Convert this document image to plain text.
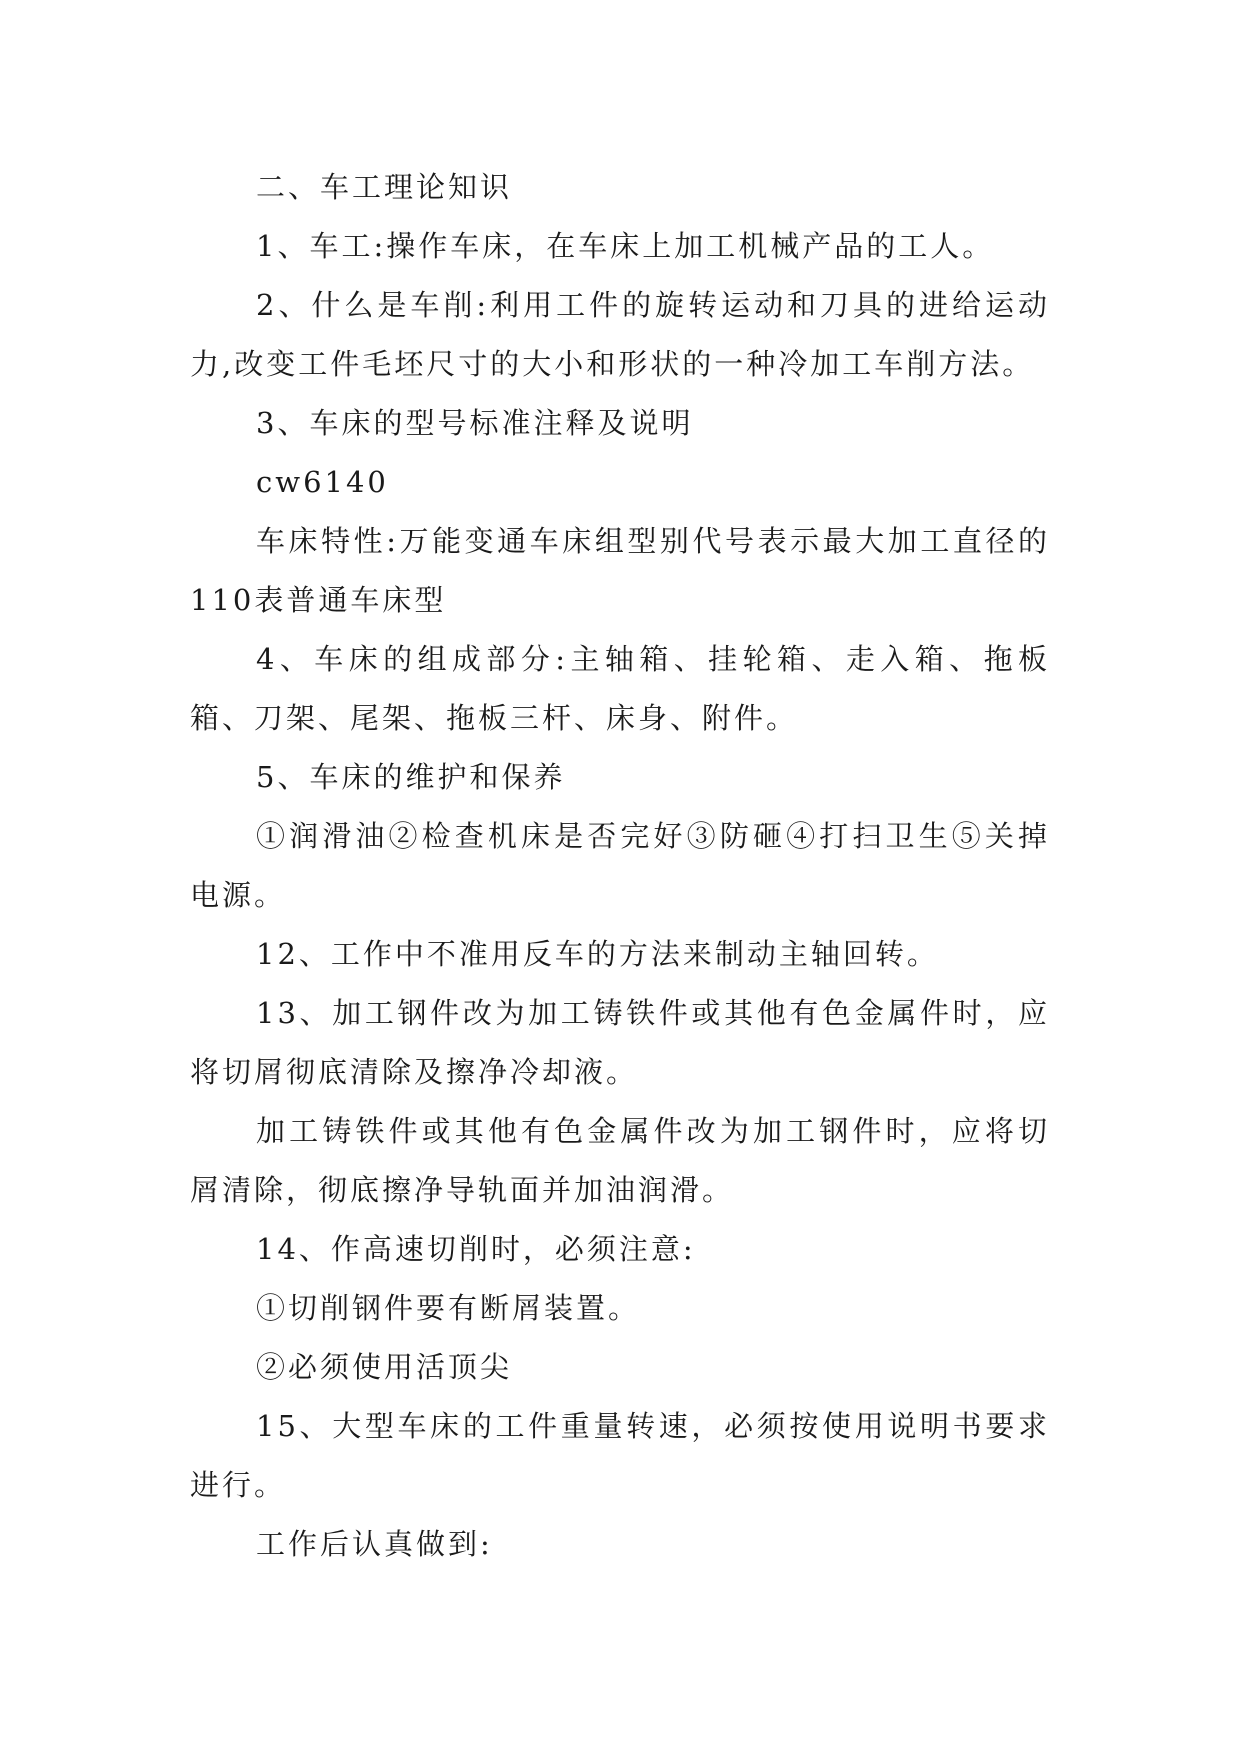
二、车工理论知识

1、车工:操作车床，在车床上加工机械产品的工人。

2、什么是车削:利用工件的旋转运动和刀具的进给运动力,改变工件毛坯尺寸的大小和形状的一种冷加工车削方法。

3、车床的型号标准注释及说明

cw6140

车床特性:万能变通车床组型别代号表示最大加工直径的110表普通车床型

4、车床的组成部分:主轴箱、挂轮箱、走入箱、拖板箱、刀架、尾架、拖板三杆、床身、附件。

5、车床的维护和保养

①润滑油②检查机床是否完好③防砸④打扫卫生⑤关掉电源。

12、工作中不准用反车的方法来制动主轴回转。

13、加工钢件改为加工铸铁件或其他有色金属件时，应将切屑彻底清除及擦净冷却液。

加工铸铁件或其他有色金属件改为加工钢件时，应将切屑清除，彻底擦净导轨面并加油润滑。

14、作高速切削时，必须注意:

①切削钢件要有断屑装置。

②必须使用活顶尖

15、大型车床的工件重量转速，必须按使用说明书要求进行。

工作后认真做到:
